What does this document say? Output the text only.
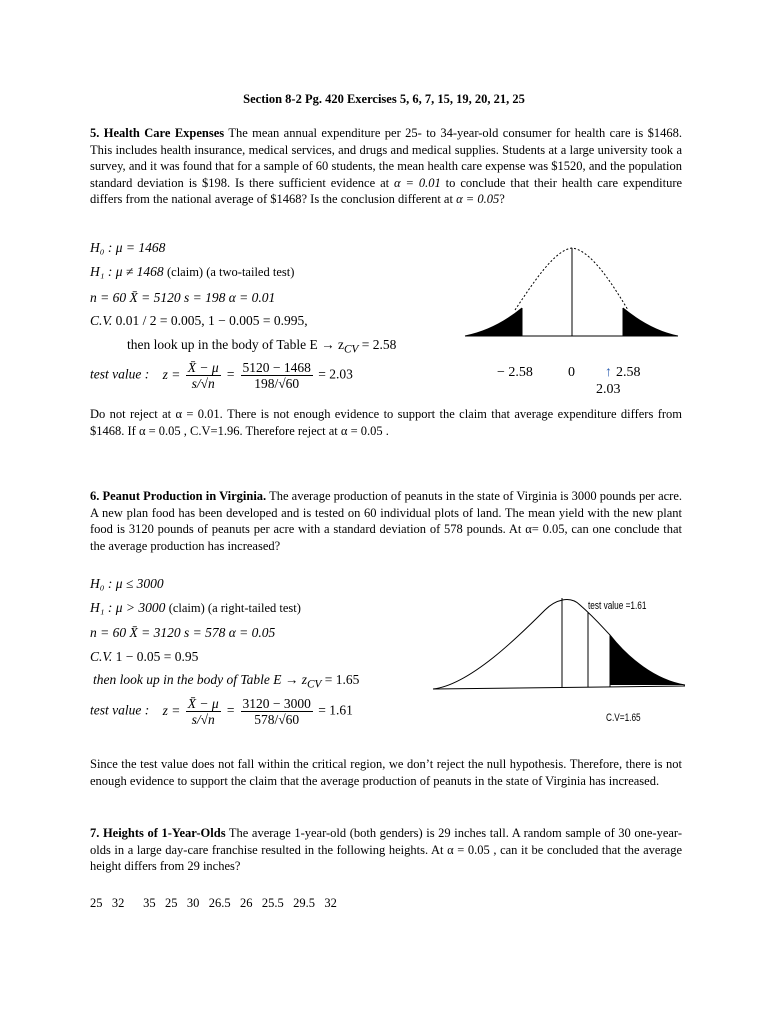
Section 8-2 Pg. 420 Exercises 5, 6, 7, 15, 19, 20, 21, 25
5. Health Care Expenses The mean annual expenditure per 25- to 34-year-old consumer for health care is $1468. This includes health insurance, medical services, and drugs and medical supplies. Students at a large university took a survey, and it was found that for a sample of 60 students, the mean health care expense was $1520, and the population standard deviation is $198. Is there sufficient evidence at α = 0.01 to conclude that their health care expenditure differs from the national average of $1468? Is the conclusion different at α = 0.05?
H₀ : μ = 1468
H₁ : μ ≠ 1468 (claim) (a two-tailed test)
n = 60 X̄ = 5120 s = 198 α = 0.01
C.V. 0.01 / 2 = 0.005, 1 − 0.005 = 0.995,
then look up in the body of Table $E \to z_{CV} = 2.58$
test value : $z = \frac{X̄ - \mu}{s/√n} = \frac{5120 - 1468}{198/√60} = 2.03$	− 2.58	0 ↑ 2.58
2.03
Do not reject at α = 0.01. There is not enough evidence to support the claim that average expenditure differs from $1468. If α = 0.05 , C.V=1.96. Therefore reject at α = 0.05 .
6. Peanut Production in Virginia. The average production of peanuts in the state of Virginia is 3000 pounds per acre. A new plan food has been developed and is tested on 60 individual plots of land. The mean yield with the new plant food is 3120 pounds of peanuts per acre with a standard deviation of 578 pounds. At α= 0.05, can one conclude that the average production has increased?
H₀ : μ ≤ 3000
H₁ : μ > 3000 (claim) (a right-tailed test)
n = 60 X̄ = 3120 s = 578 α = 0.05
C.V. 1 − 0.05 = 0.95
then look up in the body of Table $E \to z_{CV} = 1.65$
test value : $z = \frac{X̄ - \mu}{s/√n} = \frac{3120 - 3000}{578/√60} = 1.61$
test value =1.61
C.V=1.65
Since the test value does not fall within the critical region, we don’t reject the null hypothesis. Therefore, there is not enough evidence to support the claim that the average production of peanuts in the state of Virginia has increased.
7. Heights of 1-Year-Olds The average 1-year-old (both genders) is 29 inches tall. A random sample of 30 one-year-olds in a large day-care franchise resulted in the following heights. At α = 0.05 , can it be concluded that the average height differs from 29 inches?
25   32      35   25   30   26.5   26   25.5   29.5   32
